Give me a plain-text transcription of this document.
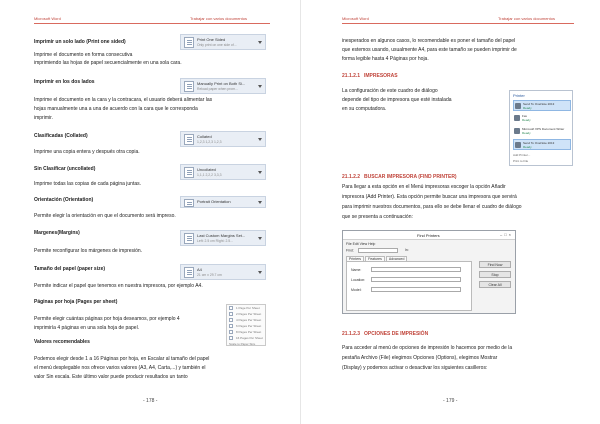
Microsoft Word	Trabajar con varios documentos
Imprimir un solo lado (Print one sided)
Imprime el documento en forma consecutiva
imprimiendo las hojas de papel secuencialmente en una sola cara.
Print One Sided
Only print on one side of...
Imprimir en los dos lados
Imprime el documento en la cara y la contracara, el usuario deberá alimentar las
hojas manualmente una a una de acuerdo con la cara que le corresponda
imprimir.
Manually Print on Both Si...
Reload paper when prom...
Clasificadas (Collated)
Imprime una copia entera y después otra copia.
Collated
1,2,3 1,2,3 1,2,3
Sin Clasificar (uncollated)
Imprime todas las copias de cada página juntas.
Uncollated
1,1,1 2,2,2 3,3,3
Orientación (Orientation)
Permite elegir la orientación en que el documento será impreso.
Portrait Orientation
Margenes(Margins)
Permite reconfigurar los márgenes de impresión.
Last Custom Margins Set...
Left: 2.5 cm Right: 2.5...
Tamaño del papel (paper size)
Permite indicar el papel que tenemos en nuestra impresora, por ejemplo A4.
A4
21 cm x 29.7 cm
Páginas por hoja (Pages per sheet)
Permite elegir cuántas páginas por hoja deseamos, por ejemplo 4
imprimiría 4 páginas en una sola hoja de papel.
1 Page Per Sheet
2 Pages Per Sheet
4 Pages Per Sheet
6 Pages Per Sheet
8 Pages Per Sheet
16 Pages Per Sheet
Scale to Paper Size
Valores recomendables
Podemos elegir desde 1 a 16 Páginas por hoja, en Escalar al tamaño del papel
el menú desplegable nos ofrece varios valores (A3, A4, Carta,...) y también el
valor Sin escala. Este último valor puede producir resultados un tanto
- 178 -
Microsoft Word	Trabajar con varios documentos
inesperados en algunos casos, lo recomendable es poner el tamaño del papel
que estemos usando, usualmente A4, para este tamaño se pueden imprimir de
forma legible hasta 4 Páginas por hoja.
21.1.2.1 IMPRESORAS
La configuración de este cuadro de diálogo
depende del tipo de impresora que esté instalada
en su computadora.
Printer
Send To OneNote 2013
Ready
Fax
Ready
Microsoft XPS Document Writer
Ready
Send To OneNote 2013
Ready
Add Printer...
Print to File
21.1.2.2 BUSCAR IMPRESORA (FIND PRINTER)
Para llegar a esta opción en el Menú impresoras escoger la opción Añadir
impresora (Add Printer). Esta opción permite buscar una impresora que servirá
para imprimir nuestros documentos, para ello se debe llenar el cuadro de diálogo
que se presenta a continuación:
Find Printers	–□×
File Edit View Help
Find:	In:
Printers Features Advanced
Name:
Location:
Model:
Find Now
Stop
Clear All
21.1.2.3 OPCIONES DE IMPRESIÓN
Para acceder al menú de opciones de impresión lo hacemos por medio de la
pestaña Archivo (File) elegimos Opciones (Options), elegimos Mostrar
(Display) y podemos activar o desactivar los siguientes casilleros:
- 179 -
